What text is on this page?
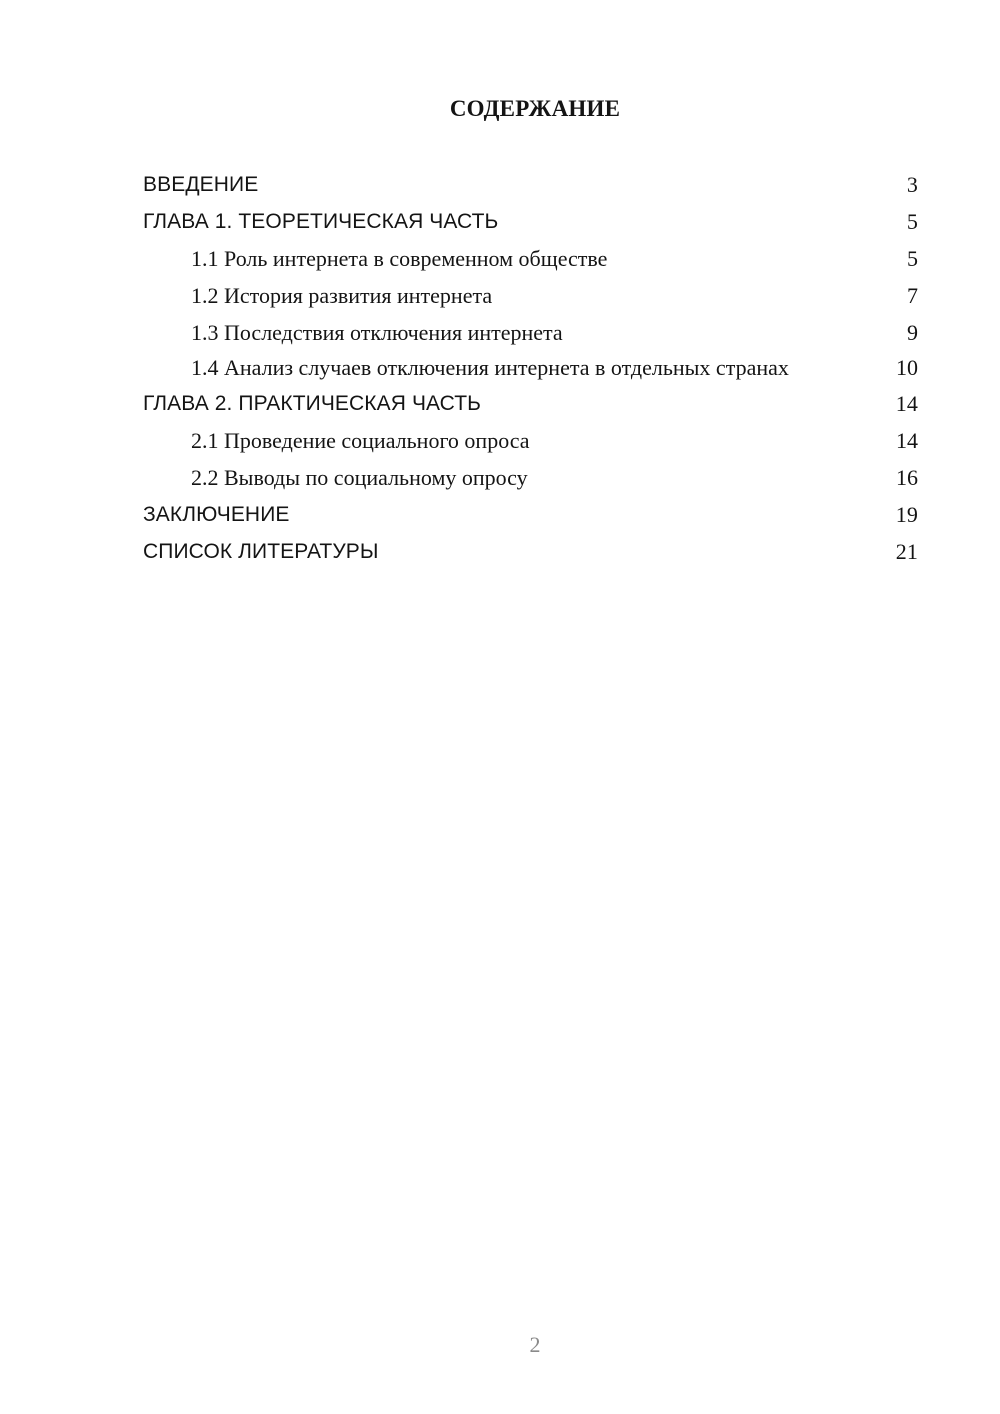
СОДЕРЖАНИЕ
ВВЕДЕНИЕ	3
ГЛАВА 1. ТЕОРЕТИЧЕСКАЯ ЧАСТЬ	5
1.1 Роль интернета в современном обществе	5
1.2 История развития интернета	7
1.3 Последствия отключения интернета	9
1.4 Анализ случаев отключения интернета в отдельных странах	10
ГЛАВА 2. ПРАКТИЧЕСКАЯ ЧАСТЬ	14
2.1 Проведение социального опроса	14
2.2 Выводы по социальному опросу	16
ЗАКЛЮЧЕНИЕ	19
СПИСОК ЛИТЕРАТУРЫ	21
2
